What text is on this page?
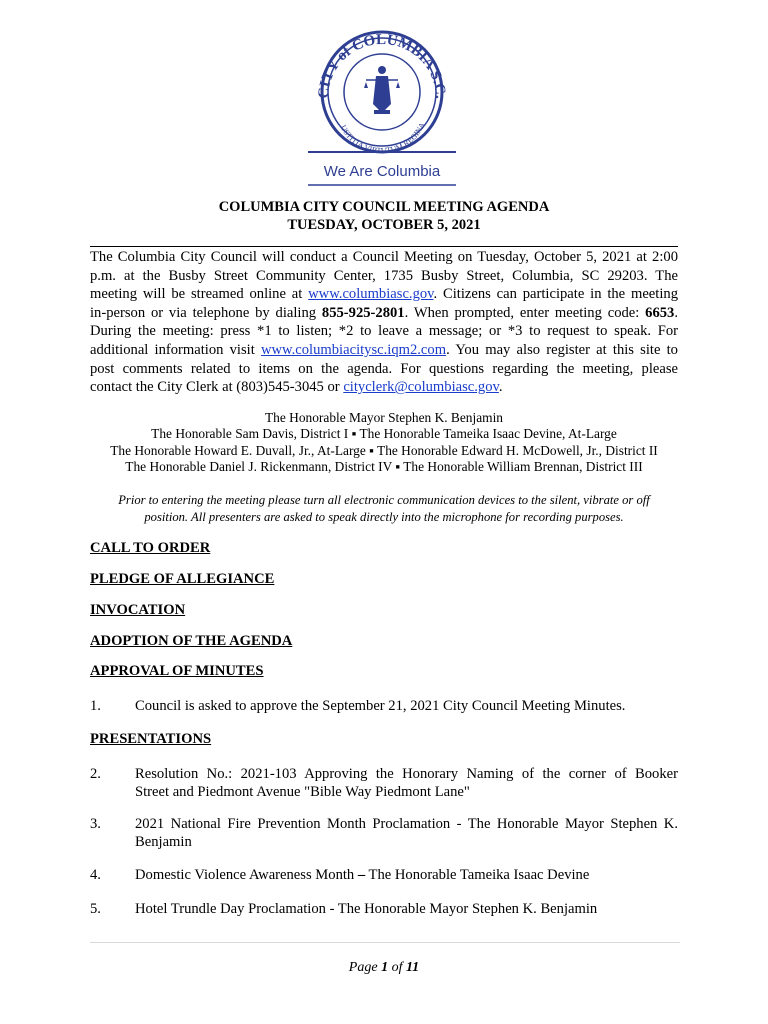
CITY of COLUMBIA S.C.
USTITIA VIRTUTUM REGINA
We Are Columbia
COLUMBIA CITY COUNCIL MEETING AGENDA
TUESDAY, OCTOBER 5, 2021
The Columbia City Council will conduct a Council Meeting on Tuesday, October 5, 2021 at 2:00
p.m. at the Busby Street Community Center, 1735 Busby Street, Columbia, SC 29203. The
meeting will be streamed online at www.columbiasc.gov. Citizens can participate in the meeting
in-person or via telephone by dialing 855-925-2801. When prompted, enter meeting code: 6653.
During the meeting: press *1 to listen; *2 to leave a message; or *3 to request to speak. For
additional information visit www.columbiacitysc.iqm2.com. You may also register at this site to
post comments related to items on the agenda. For questions regarding the meeting, please
contact the City Clerk at (803)545-3045 or cityclerk@columbiasc.gov.
The Honorable Mayor Stephen K. Benjamin
The Honorable Sam Davis, District I ▪ The Honorable Tameika Isaac Devine, At-Large
The Honorable Howard E. Duvall, Jr., At-Large ▪ The Honorable Edward H. McDowell, Jr., District II
The Honorable Daniel J. Rickenmann, District IV ▪ The Honorable William Brennan, District III
Prior to entering the meeting please turn all electronic communication devices to the silent, vibrate or off
position. All presenters are asked to speak directly into the microphone for recording purposes.
CALL TO ORDER
PLEDGE OF ALLEGIANCE
INVOCATION
ADOPTION OF THE AGENDA
APPROVAL OF MINUTES
1. Council is asked to approve the September 21, 2021 City Council Meeting Minutes.
PRESENTATIONS
2. Resolution No.: 2021-103 Approving the Honorary Naming of the corner of Booker
Street and Piedmont Avenue "Bible Way Piedmont Lane"
3. 2021 National Fire Prevention Month Proclamation - The Honorable Mayor Stephen K.
Benjamin
4. Domestic Violence Awareness Month – The Honorable Tameika Isaac Devine
5. Hotel Trundle Day Proclamation - The Honorable Mayor Stephen K. Benjamin
Page 1 of 11
